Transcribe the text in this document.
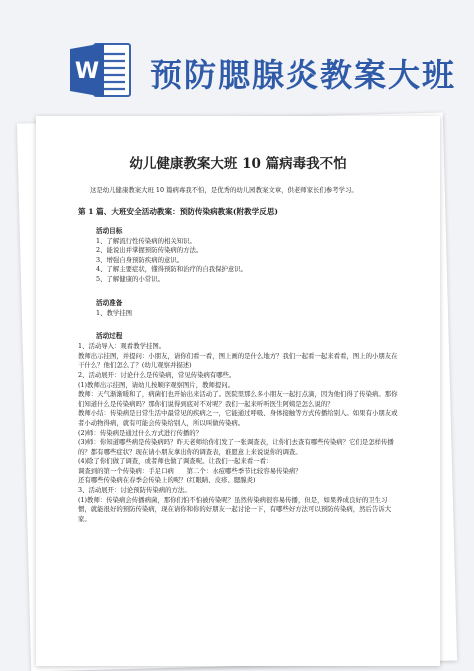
W 预防腮腺炎教案大班
幼儿健康教案大班 10 篇病毒我不怕

这是幼儿健康教案大班 10 篇病毒我不怕，是优秀的幼儿园教案文章，供老师家长们参考学习。

第 1 篇、大班安全活动教案：预防传染病教案(附教学反思)
活动目标

1、了解流行性传染病的相关知识。

2、能说出并掌握预防传染病的方法。

3、增强自身预防疾病的意识。

4、了解主要症状，懂得预防和治疗的自我保护意识。

5、了解健康的小常识。

活动准备

1、教学挂图

活动过程

1、活动导入：观看教学挂图。

教师出示挂图，并提问：小朋友，请你们看一看，图上画的是什么地方？我们一起看一起来看看，图上的小朋友在干什么？他们怎么了？(幼儿观察并描述)

2、活动展开：讨论什么是传染病，常见传染病有哪些。

(1)教师出示挂图，请幼儿按顺序观察图片，教师提问。

教师：天气渐渐暖和了，病菌们也开始出来活动了。医院里那么多小朋友一起打点滴，因为他们得了传染病。那你们知道什么是传染病吗？那你们说得到底对不对呢？我们一起来听听医生阿姨是怎么说的？

教师小结：传染病是日常生活中最常见的疾病之一，它能通过呼吸、身体接触等方式传播给别人。如果有小朋友或者小动物得病，就有可能会传染给别人，所以叫做传染病。

(2)师：传染病是通过什么方式进行传播的？

(3)师：你知道哪些病是传染病吗？昨天老师给你们发了一张调查表，让你们去查有哪些传染病？它们是怎样传播的？都有哪些症状？现在请小朋友拿出你的调查表，谁愿意上来说说你的调查。

(4)除了你们做了调查，或者师也做了调查呢。让我们一起来看一看：

调查到的第一个传染病：手足口病　　第二个：水痘哪些季节比较容易传染病？

还有哪些传染病在春季会传染上的呢？(红眼睛、皮疹、腮腺炎)

3、活动展开：讨论预防传染病的方法。

(1)教师：传染病会传播病菌，那你们怕不怕被传染呢？虽然传染病很容易传播，但是，如果养成良好的卫生习惯，就能很好的预防传染病，现在请你和你的好朋友一起讨论一下，有哪些好方法可以预防传染病，然后告诉大家。
